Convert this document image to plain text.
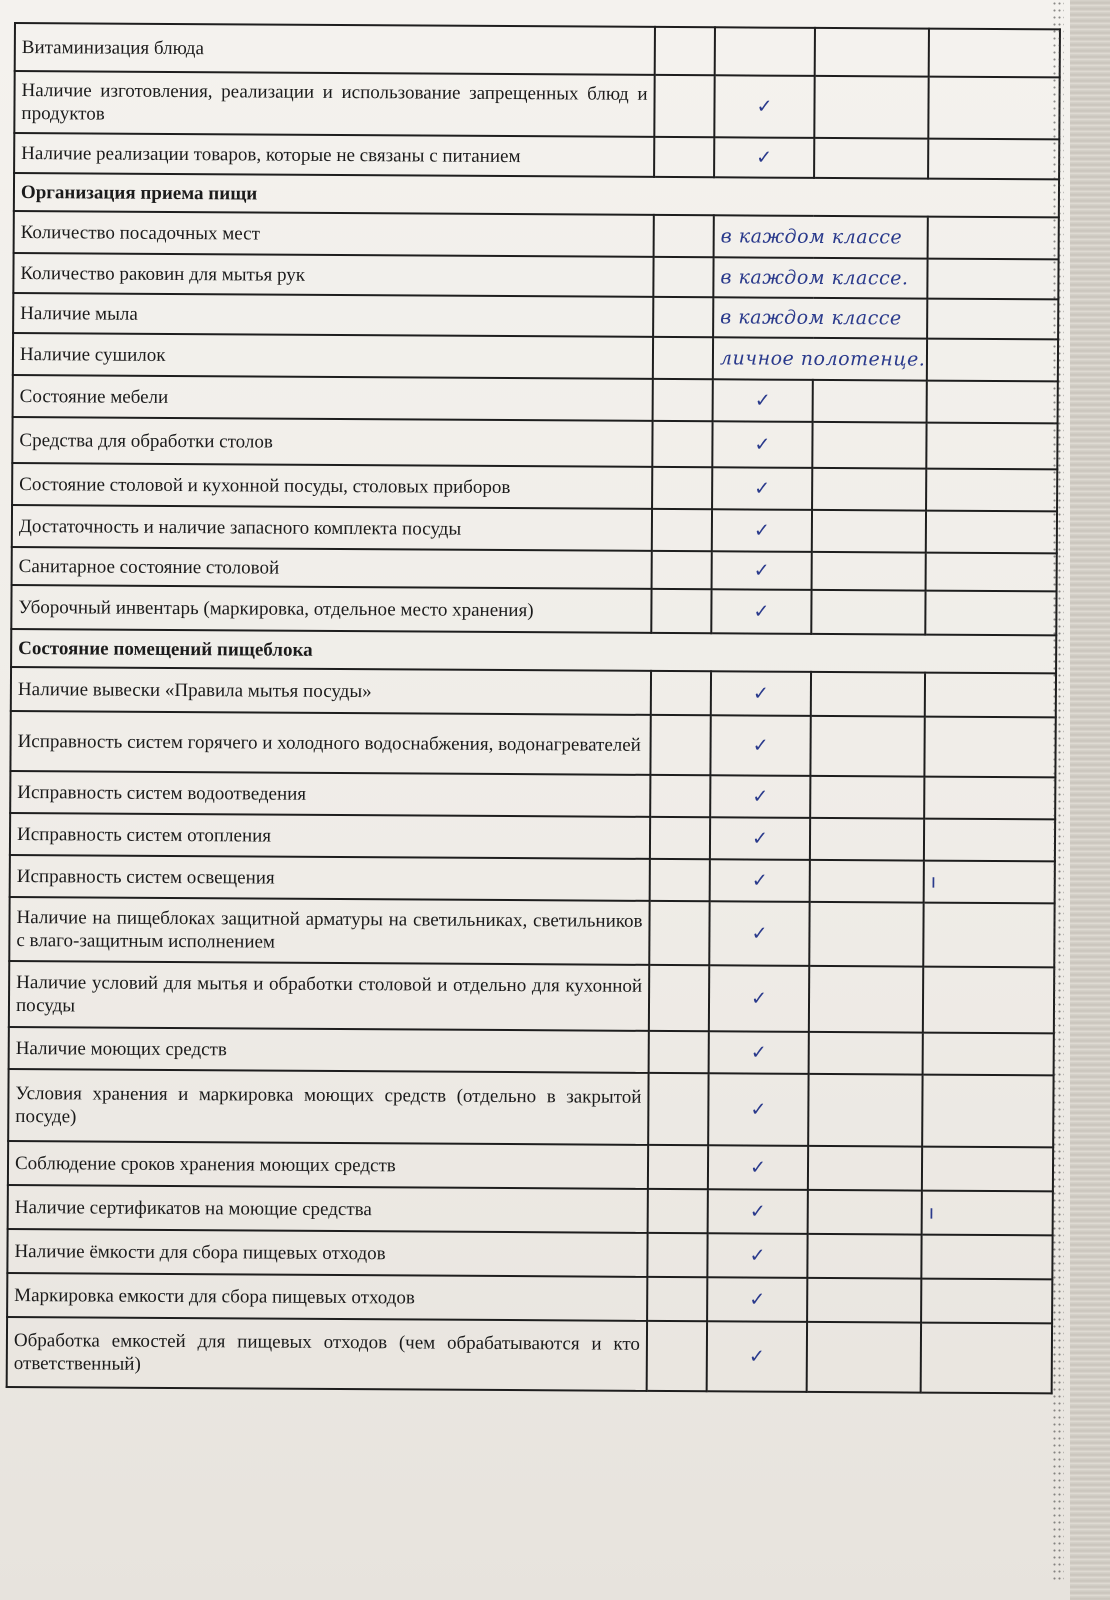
Витаминизация блюда				
Наличие изготовления, реализации и использование запрещенных блюд и продуктов		✓		
Наличие реализации товаров, которые не связаны с питанием		✓		
Организация приема пищи				
Количество посадочных мест		в каждом классе		
Количество раковин для мытья рук		в каждом классе.		
Наличие мыла		в каждом классе		
Наличие сушилок		личное полотенце.		
Состояние мебели		✓		
Средства для обработки столов		✓		
Состояние столовой и кухонной посуды, столовых приборов		✓		
Достаточность и наличие запасного комплекта посуды		✓		
Санитарное состояние столовой		✓		
Уборочный инвентарь (маркировка, отдельное место хранения)		✓		
Состояние помещений пищеблока				
Наличие вывески «Правила мытья посуды»		✓		
Исправность систем горячего и холодного водоснабжения, водонагревателей		✓		
Исправность систем водоотведения		✓		
Исправность систем отопления		✓		
Исправность систем освещения		✓		ı
Наличие на пищеблоках защитной арматуры на светильниках, светильников с влаго-защитным исполнением		✓		
Наличие условий для мытья и обработки столовой и отдельно для кухонной посуды		✓		
Наличие моющих средств		✓		
Условия хранения и маркировка моющих средств (отдельно в закрытой посуде)		✓		
Соблюдение сроков хранения моющих средств		✓		
Наличие сертификатов на моющие средства		✓		ı
Наличие ёмкости для сбора пищевых отходов		✓		
Маркировка емкости для сбора пищевых отходов		✓		
Обработка емкостей для пищевых отходов (чем обрабатываются и кто ответственный)		✓		
